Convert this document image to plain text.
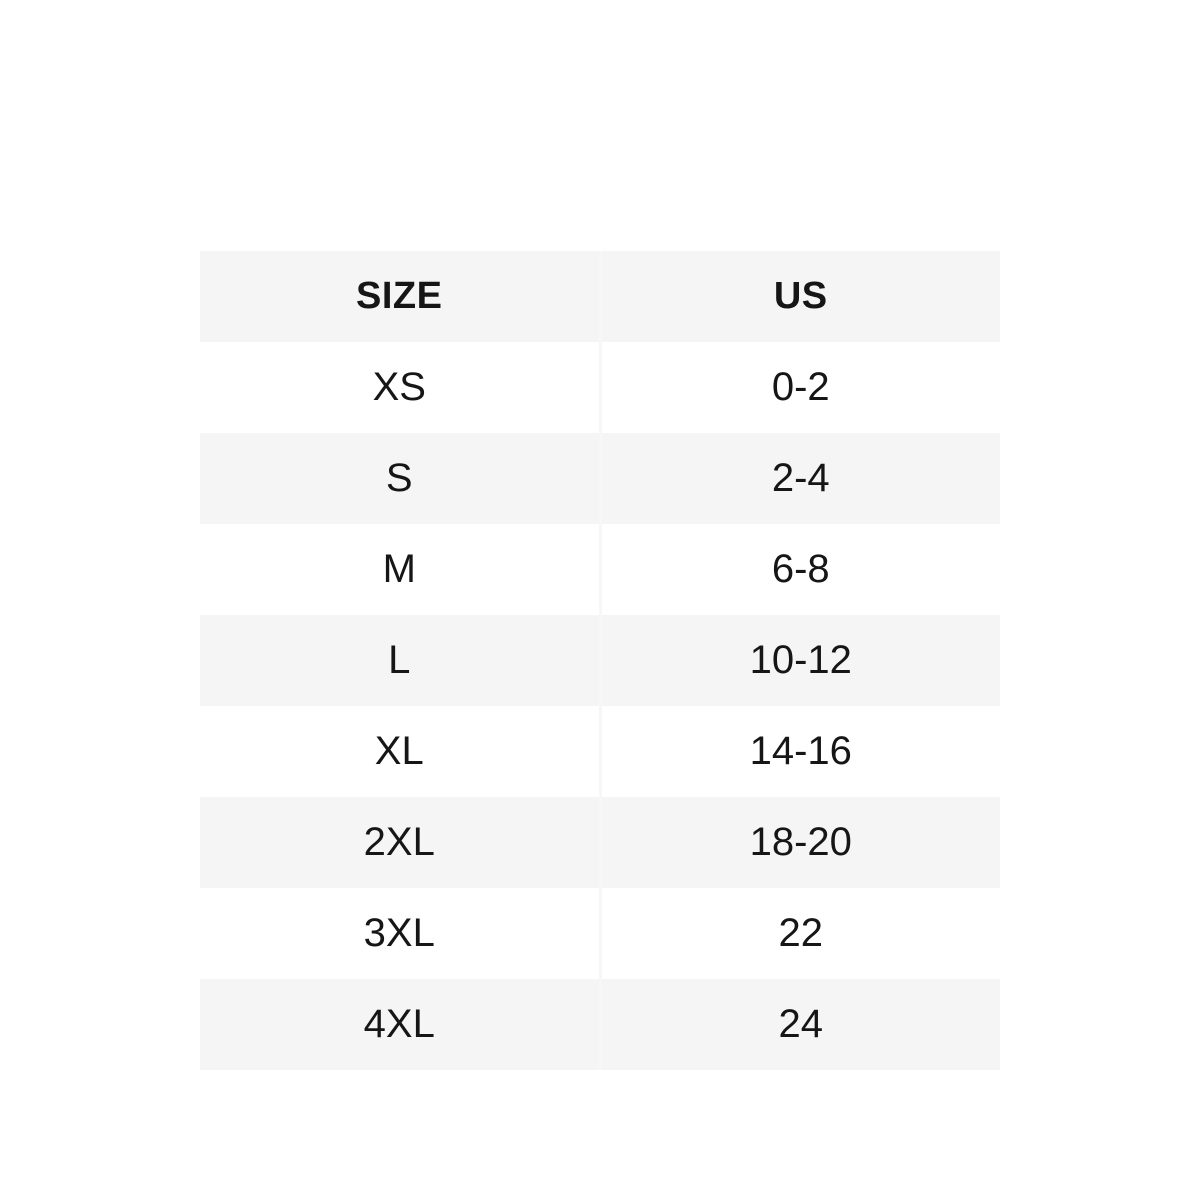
SIZE	US
XS	0-2
S	2-4
M	6-8
L	10-12
XL	14-16
2XL	18-20
3XL	22
4XL	24
